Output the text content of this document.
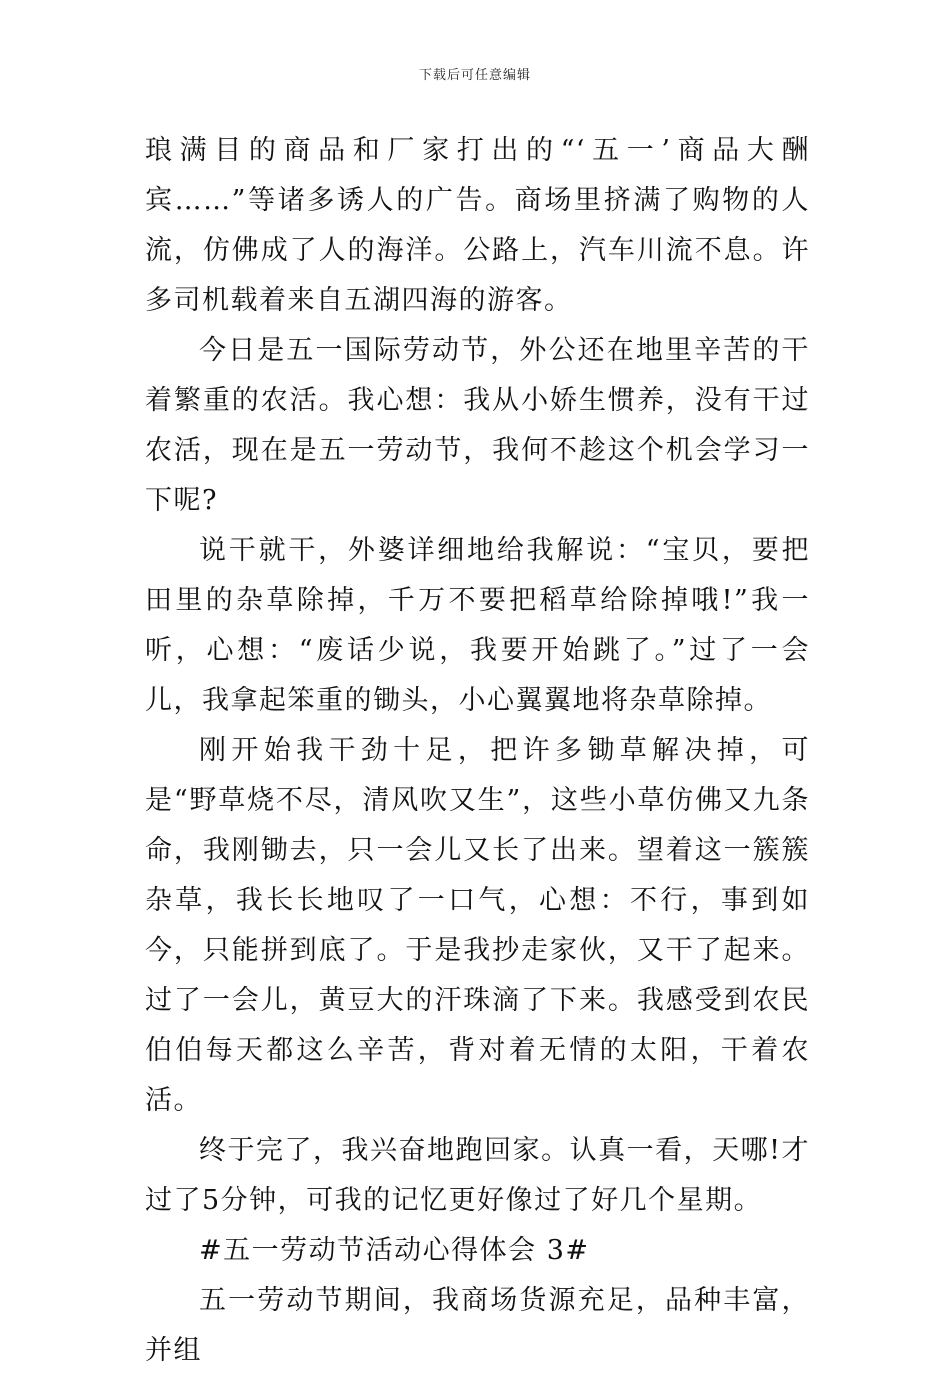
下载后可任意编辑

琅满目的商品和厂家打出的“‘五一’商品大酬宾……”等诸多诱人的广告。商场里挤满了购物的人流，仿佛成了人的海洋。公路上，汽车川流不息。许多司机载着来自五湖四海的游客。

今日是五一国际劳动节，外公还在地里辛苦的干着繁重的农活。我心想：我从小娇生惯养，没有干过农活，现在是五一劳动节，我何不趁这个机会学习一下呢?

说干就干，外婆详细地给我解说：“宝贝，要把田里的杂草除掉，千万不要把稻草给除掉哦!”我一听，心想：“废话少说，我要开始跳了。”过了一会儿，我拿起笨重的锄头，小心翼翼地将杂草除掉。

刚开始我干劲十足，把许多锄草解决掉，可是“野草烧不尽，清风吹又生”，这些小草仿佛又九条命，我刚锄去，只一会儿又长了出来。望着这一簇簇杂草，我长长地叹了一口气，心想：不行，事到如今，只能拼到底了。于是我抄走家伙，又干了起来。过了一会儿，黄豆大的汗珠滴了下来。我感受到农民伯伯每天都这么辛苦，背对着无情的太阳，干着农活。

终于完了，我兴奋地跑回家。认真一看，天哪!才过了5分钟，可我的记忆更好像过了好几个星期。

#五一劳动节活动心得体会 3#

五一劳动节期间，我商场货源充足，品种丰富，并组
